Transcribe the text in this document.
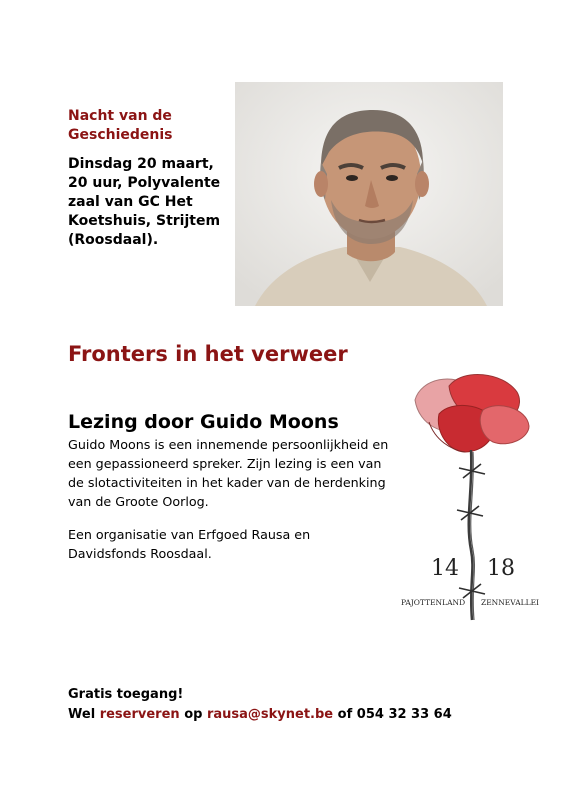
Nacht van de Geschiedenis
Dinsdag 20 maart, 20 uur, Polyvalente zaal van GC Het Koetshuis, Strijtem (Roosdaal).
Fronters in het verweer
Lezing door Guido Moons
Guido Moons is een innemende persoonlijkheid en een gepassioneerd spreker. Zijn lezing is een van de slotactiviteiten in het kader van de herdenking van de Groote Oorlog.
Een organisatie van Erfgoed Rausa en Davidsfonds Roosdaal.
14 18
PAJOTTENLAND ZENNEVALLEI
Gratis toegang!
Wel reserveren op rausa@skynet.be of 054 32 33 64
